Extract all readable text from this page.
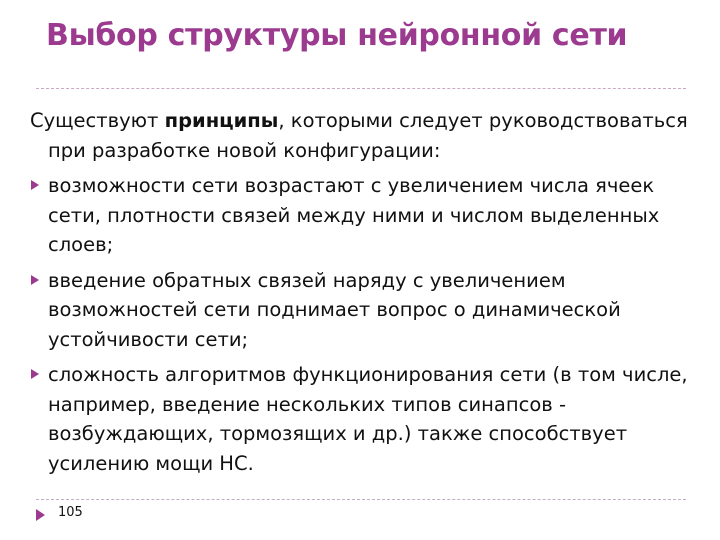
Выбор структуры нейронной сети

Существуют принципы, которыми следует руководствоваться при разработке новой конфигурации:

возможности сети возрастают с увеличением числа ячеек сети, плотности связей между ними и числом выделенных слоев;
введение обратных связей наряду с увеличением возможностей сети поднимает вопрос о динамической устойчивости сети;
сложность алгоритмов функционирования сети (в том числе, например, введение нескольких типов синапсов - возбуждающих, тормозящих и др.) также способствует усилению мощи НС.
105
